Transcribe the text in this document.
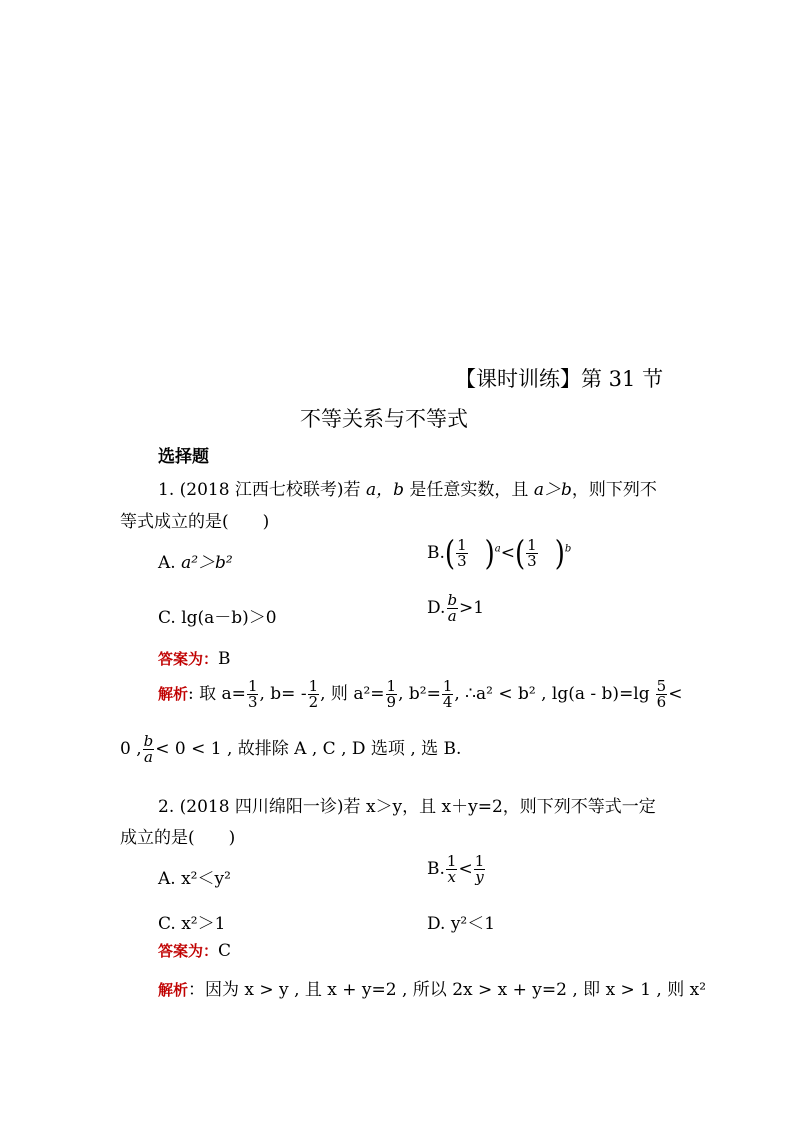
【课时训练】第 31 节
不等关系与不等式
选择题
1. (2018 江西七校联考)若 a，b 是任意实数，且 a＞b，则下列不
等式成立的是(　　)
A. a²＞b²	$B.( \frac{1}{3} )^a<( \frac{1}{3} )^b$
C. lg(a－b)＞0	D. $\frac{b}{a} >1$
答案为：B
解析: 取 $a= \frac{1}{3}$ , $b= - \frac{1}{2}$ , 则 $a^2= \frac{1}{9}$ , $b^2= \frac{1}{4}$ , ∴a² < b² , $\lg(a - b)=\lg \frac{5}{6}$ <
0 , $\frac{b}{a} < 0 < 1$ , 故排除 A , C , D 选项 , 选 B.
2. (2018 四川绵阳一诊)若 x＞y，且 x＋y=2，则下列不等式一定
成立的是(　　)
A. x²＜y²	B. $\frac{1}{x} < \frac{1}{y}$
C. x²＞1	D. y²＜1
答案为：C
解析：因为 x > y , 且 x + y=2 , 所以 2x > x + y=2 , 即 x > 1 , 则 x²
